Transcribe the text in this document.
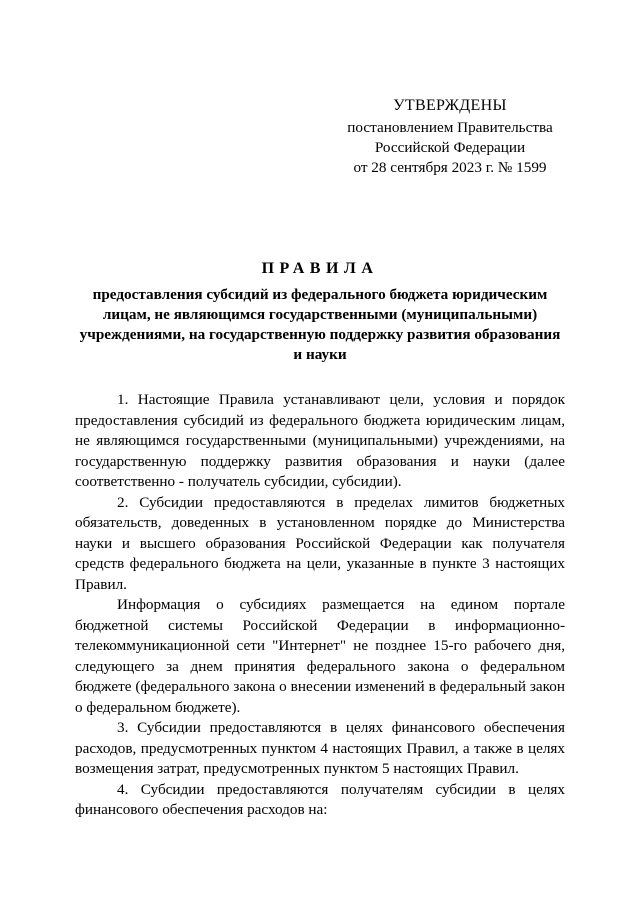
УТВЕРЖДЕНЫ
постановлением Правительства
Российской Федерации
от 28 сентября 2023 г. № 1599
ПРАВИЛА
предоставления субсидий из федерального бюджета юридическим лицам, не являющимся государственными (муниципальными) учреждениями, на государственную поддержку развития образования и науки

1. Настоящие Правила устанавливают цели, условия и порядок предоставления субсидий из федерального бюджета юридическим лицам, не являющимся государственными (муниципальными) учреждениями, на государственную поддержку развития образования и науки (далее соответственно - получатель субсидии, субсидии).

2. Субсидии предоставляются в пределах лимитов бюджетных обязательств, доведенных в установленном порядке до Министерства науки и высшего образования Российской Федерации как получателя средств федерального бюджета на цели, указанные в пункте 3 настоящих Правил.

Информация о субсидиях размещается на едином портале бюджетной системы Российской Федерации в информационно-телекоммуникационной сети "Интернет" не позднее 15-го рабочего дня, следующего за днем принятия федерального закона о федеральном бюджете (федерального закона о внесении изменений в федеральный закон о федеральном бюджете).

3. Субсидии предоставляются в целях финансового обеспечения расходов, предусмотренных пунктом 4 настоящих Правил, а также в целях возмещения затрат, предусмотренных пунктом 5 настоящих Правил.

4. Субсидии предоставляются получателям субсидии в целях финансового обеспечения расходов на:
